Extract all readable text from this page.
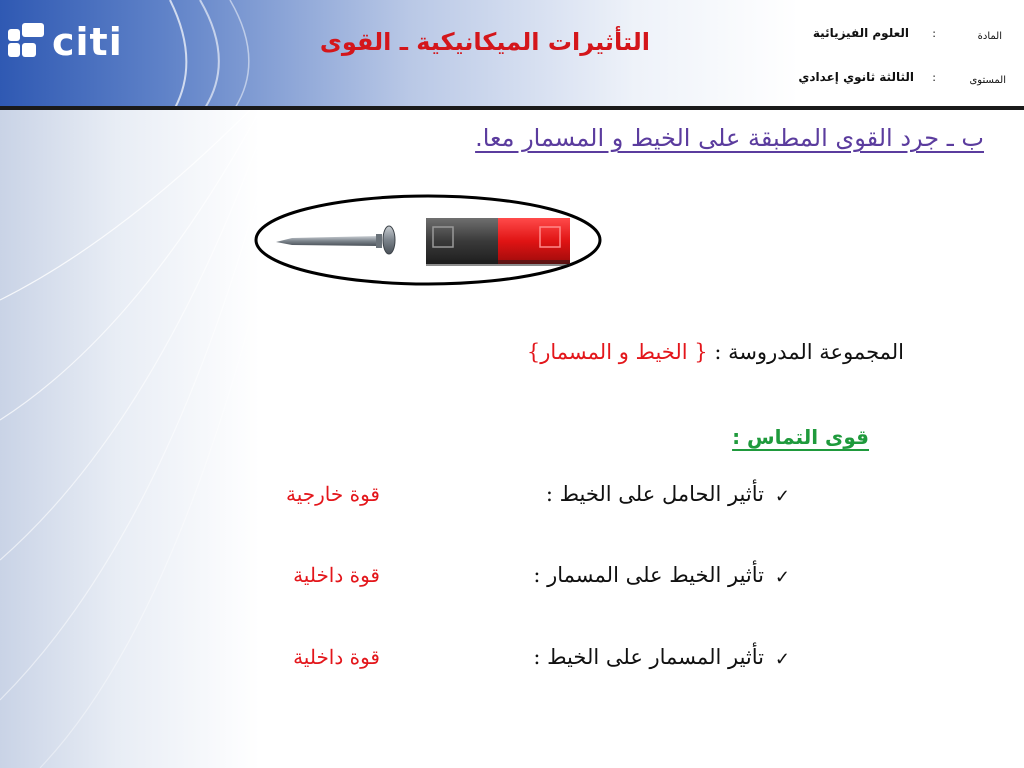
citi	التأثيرات الميكانيكية ـ القوى	المادة
:
العلوم الفيزيائية
المستوى
:
الثالثة ثانوي إعدادي
ب ـ جرد القوى المطبقة على الخيط و المسمار معا.
المجموعة المدروسة : { الخيط و المسمار}
قوى التماس :
✓
تأثير الحامل على الخيط :
قوة خارجية
✓
تأثير الخيط على المسمار :
قوة داخلية
✓
تأثير المسمار على الخيط :
قوة داخلية
